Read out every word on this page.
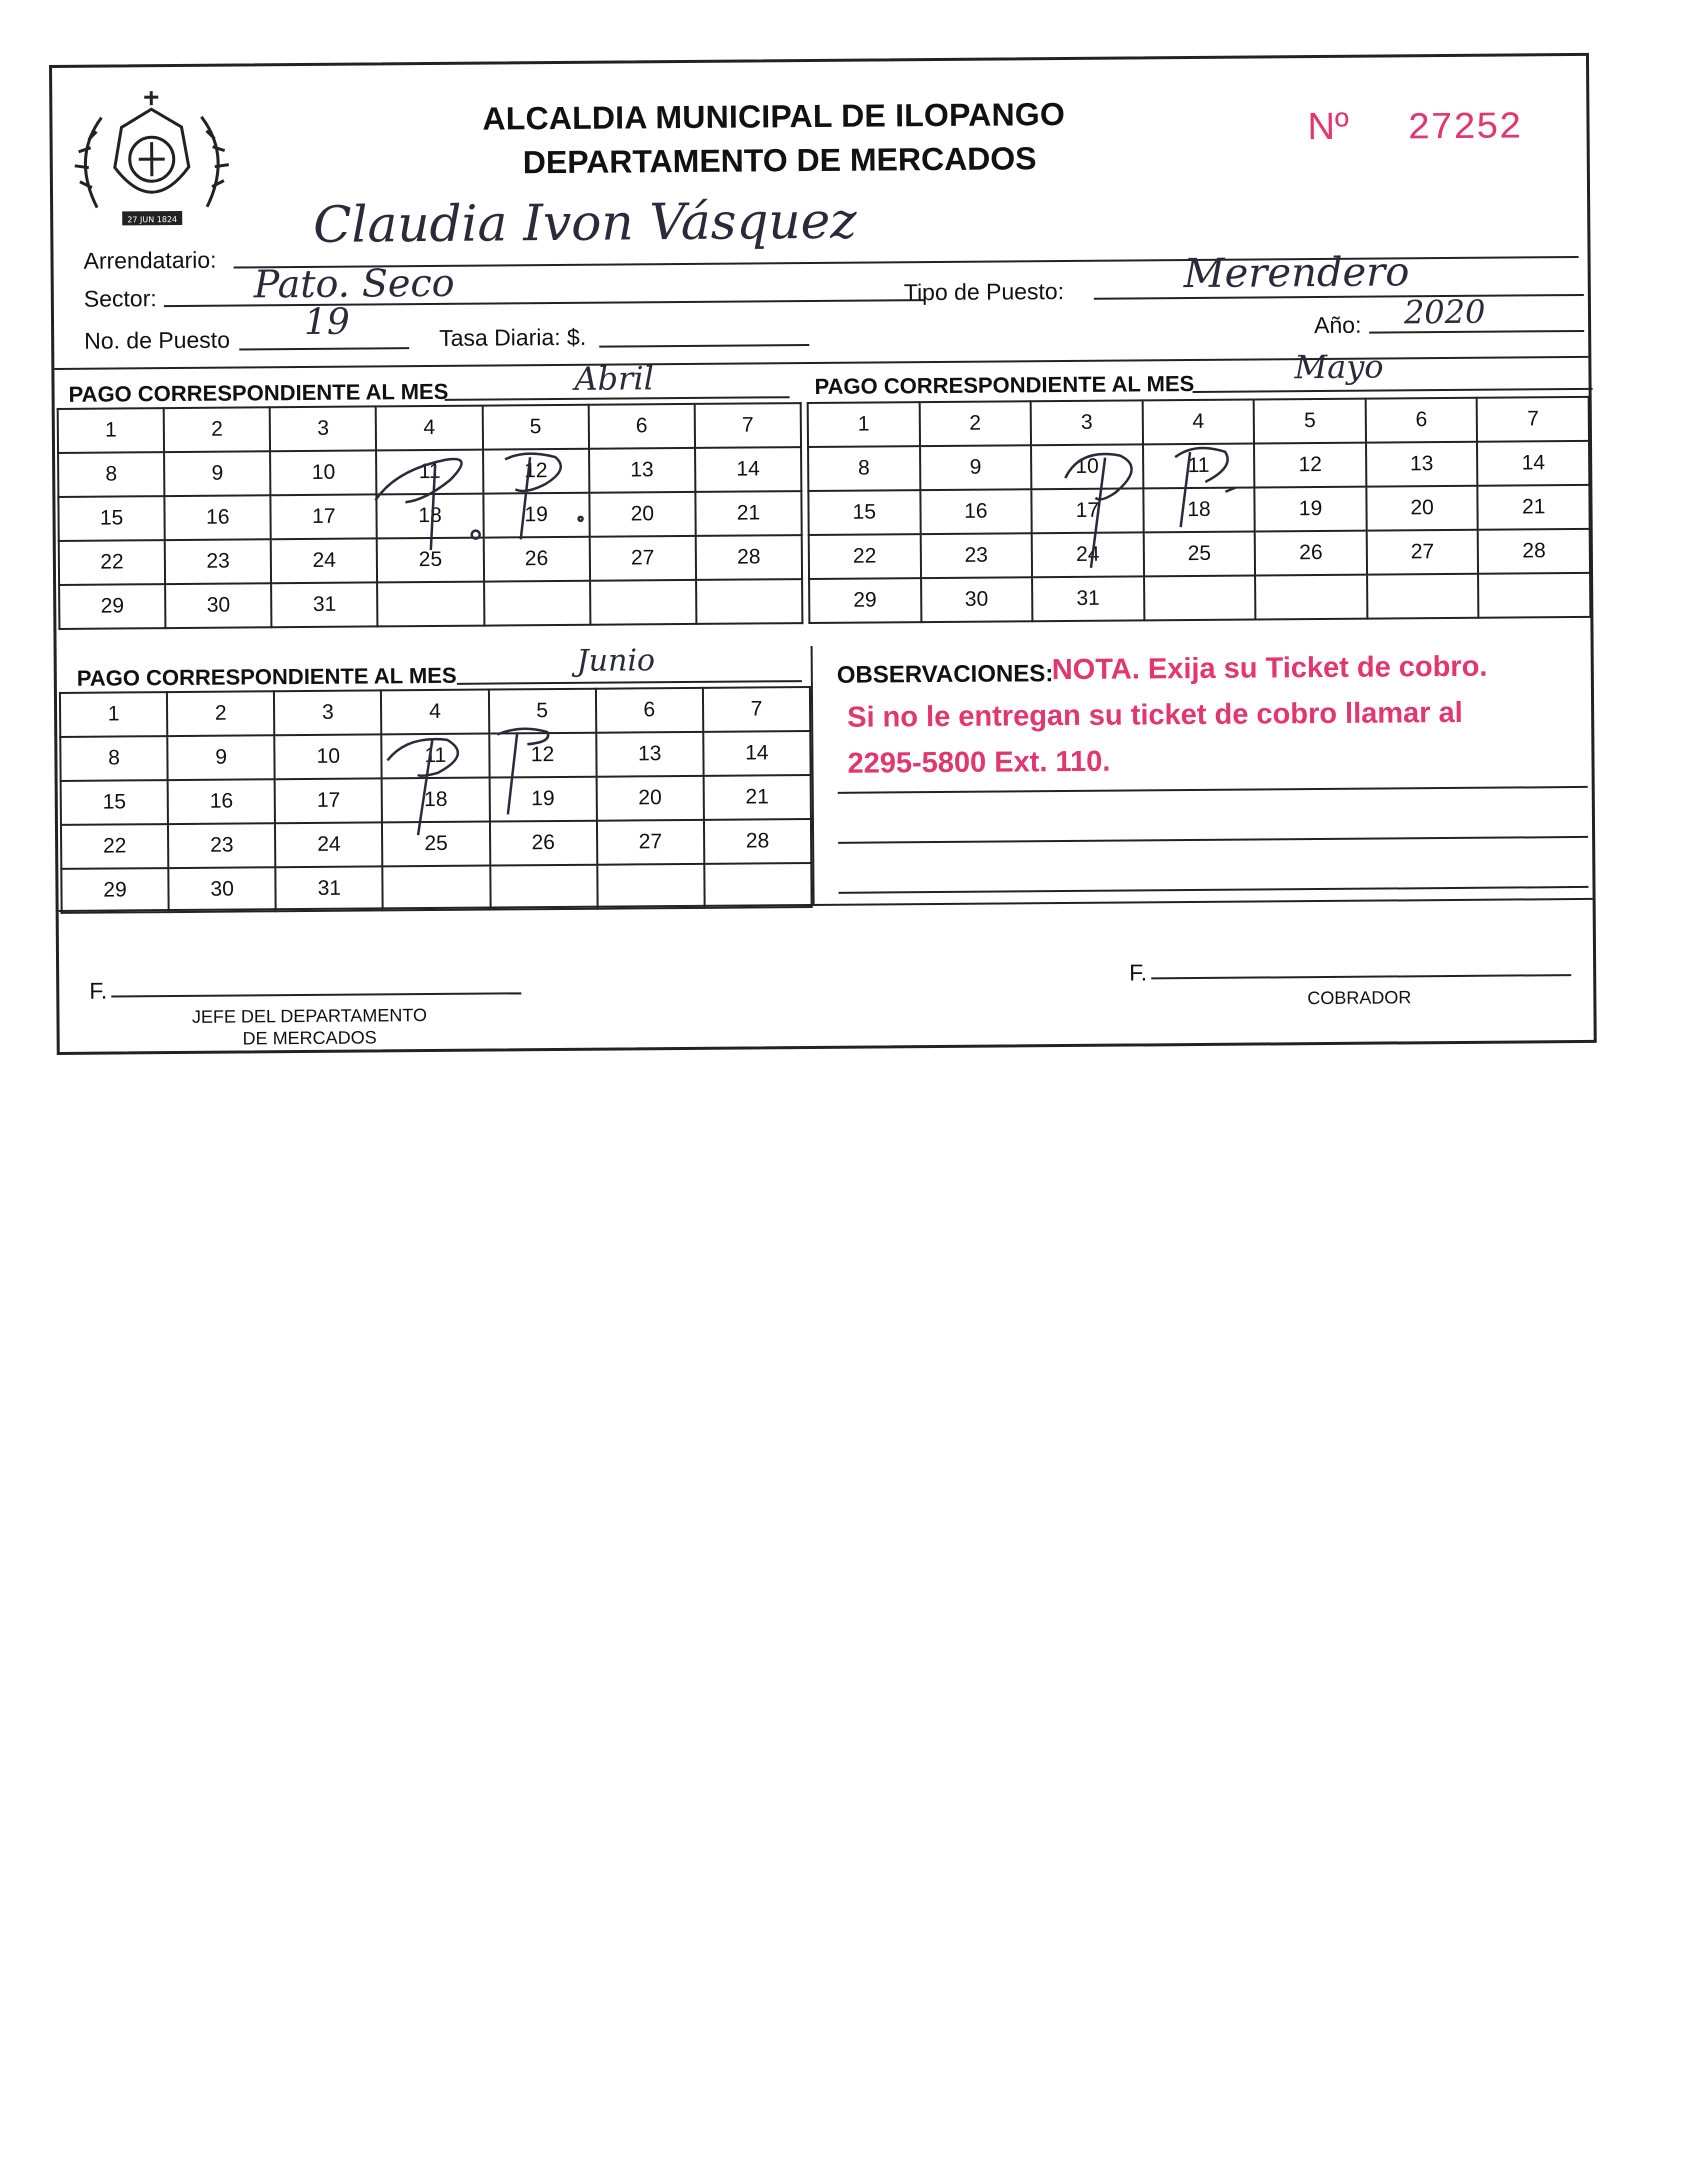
27 JUN 1824
ALCALDIA MUNICIPAL DE ILOPANGO
DEPARTAMENTO DE MERCADOS
Nº 27252
Arrendatario:
Claudia Ivon Vásquez
Sector:	Pato. Seco	Tipo de Puesto:	Merendero
No. de Puesto 19	Tasa Diaria: $.	Año: 2020
PAGO CORRESPONDIENTE AL MES	Abril
1	2	3	4	5	6	7
8	9	10	11	12	13	14
15	16	17	18	19	20	21
22	23	24	25	26	27	28
29	30	31				
PAGO CORRESPONDIENTE AL MES	Mayo
1	2	3	4	5	6	7
8	9	10	11	12	13	14
15	16	17	18	19	20	21
22	23	24	25	26	27	28
29	30	31				
PAGO CORRESPONDIENTE AL MES	Junio
1	2	3	4	5	6	7
8	9	10	11	12	13	14
15	16	17	18	19	20	21
22	23	24	25	26	27	28
29	30	31				
OBSERVACIONES:
NOTA. Exija su Ticket de cobro.
Si no le entregan su ticket de cobro llamar al
2295-5800 Ext. 110.
F.
JEFE DEL DEPARTAMENTO
DE MERCADOS
F.
COBRADOR
